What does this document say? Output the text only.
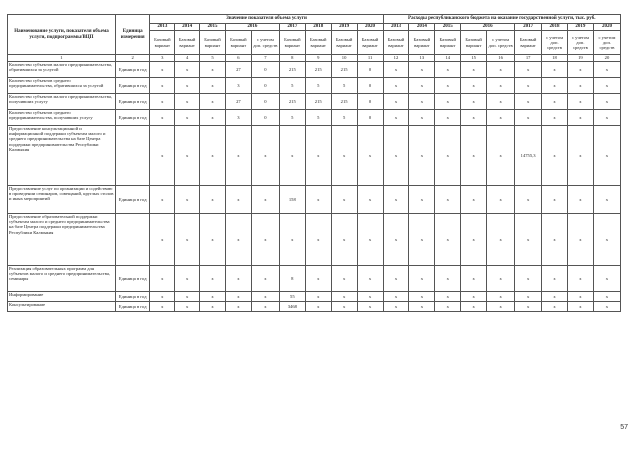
Наименование услуги, показателя объема услуги, подпрограммы/ВЦП	Единица измерения	Значение показателя объема услуги									Расходы республиканского бюджета на оказание государственной услуги, тыс. руб.								
		2013	2014	2015	2016		2017	2018	2019	2020	2013	2014	2015	2016		2017	2018	2019	2020
		Базовый вариант	Базовый вариант	Базовый вариант	Базовый вариант	с учетом доп. средств	Базовый вариант	Базовый вариант	Базовый вариант	Базовый вариант	Базовый вариант	Базовый вариант	Базовый вариант	Базовый вариант	с учетом доп. средств	Базовый вариант	с учетом доп. средств	с учетом доп. средств	с учетом доп. средств
1	2	3	4	5	6	7	8	9	10	11	12	13	14	15	16	17	18	19	20
Количество субъектов малого предпринимательства, обратившихся за услугой	Единица в год	x	x	x	27	0	215	215	215	0	x	x	x	x	x	x	x	x	x
Количество субъектов среднего предпринимательства, обратившихся за услугой	Единица в год	x	x	x	3	0	5	5	5	0	x	x	x	x	x	x	x	x	x
Количество субъектов малого предпринимательства, получивших услугу	Единица в год	x	x	x	27	0	215	215	215	0	x	x	x	x	x	x	x	x	x
Количество субъектов среднего предпринимательства, получивших услугу	Единица в год	x	x	x	3	0	5	5	5	0	x	x	x	x	x	x	x	x	x
Предоставление консультационной и информационной поддержки субъектам малого и среднего предпринимательства на базе Центра поддержки предпринимательства Республики Калмыкия		x	x	x	x	x	x	x	x	x	x	x	x	x	x	14755,3	x	x	x
Предоставление услуг по организации и содействию в проведении семинаров, совещаний, круглых столов и иных мероприятий	Единица в год	x	x	x	x	x	158	x	x	x	x	x	x	x	x	x	x	x	x
Предоставление образовательной поддержки субъектам малого и среднего предпринимательства на базе Центра поддержки предпринимательства Республики Калмыкия		x	x	x	x	x	x	x	x	x	x	x	x	x	x	x	x	x	x
Реализация образовательных программ для субъектов малого и среднего предпринимательства, семинары	Единица в год	x	x	x	x	x	8	x	x	x	x	x	x	x	x	x	x	x	x
Информирование	Единица в год	x	x	x	x	x	55	x	x	x	x	x	x	x	x	x	x	x	x
Консультирование	Единица в год	x	x	x	x	x	3468	x	x	x	x	x	x	x	x	x	x	x	x
57
